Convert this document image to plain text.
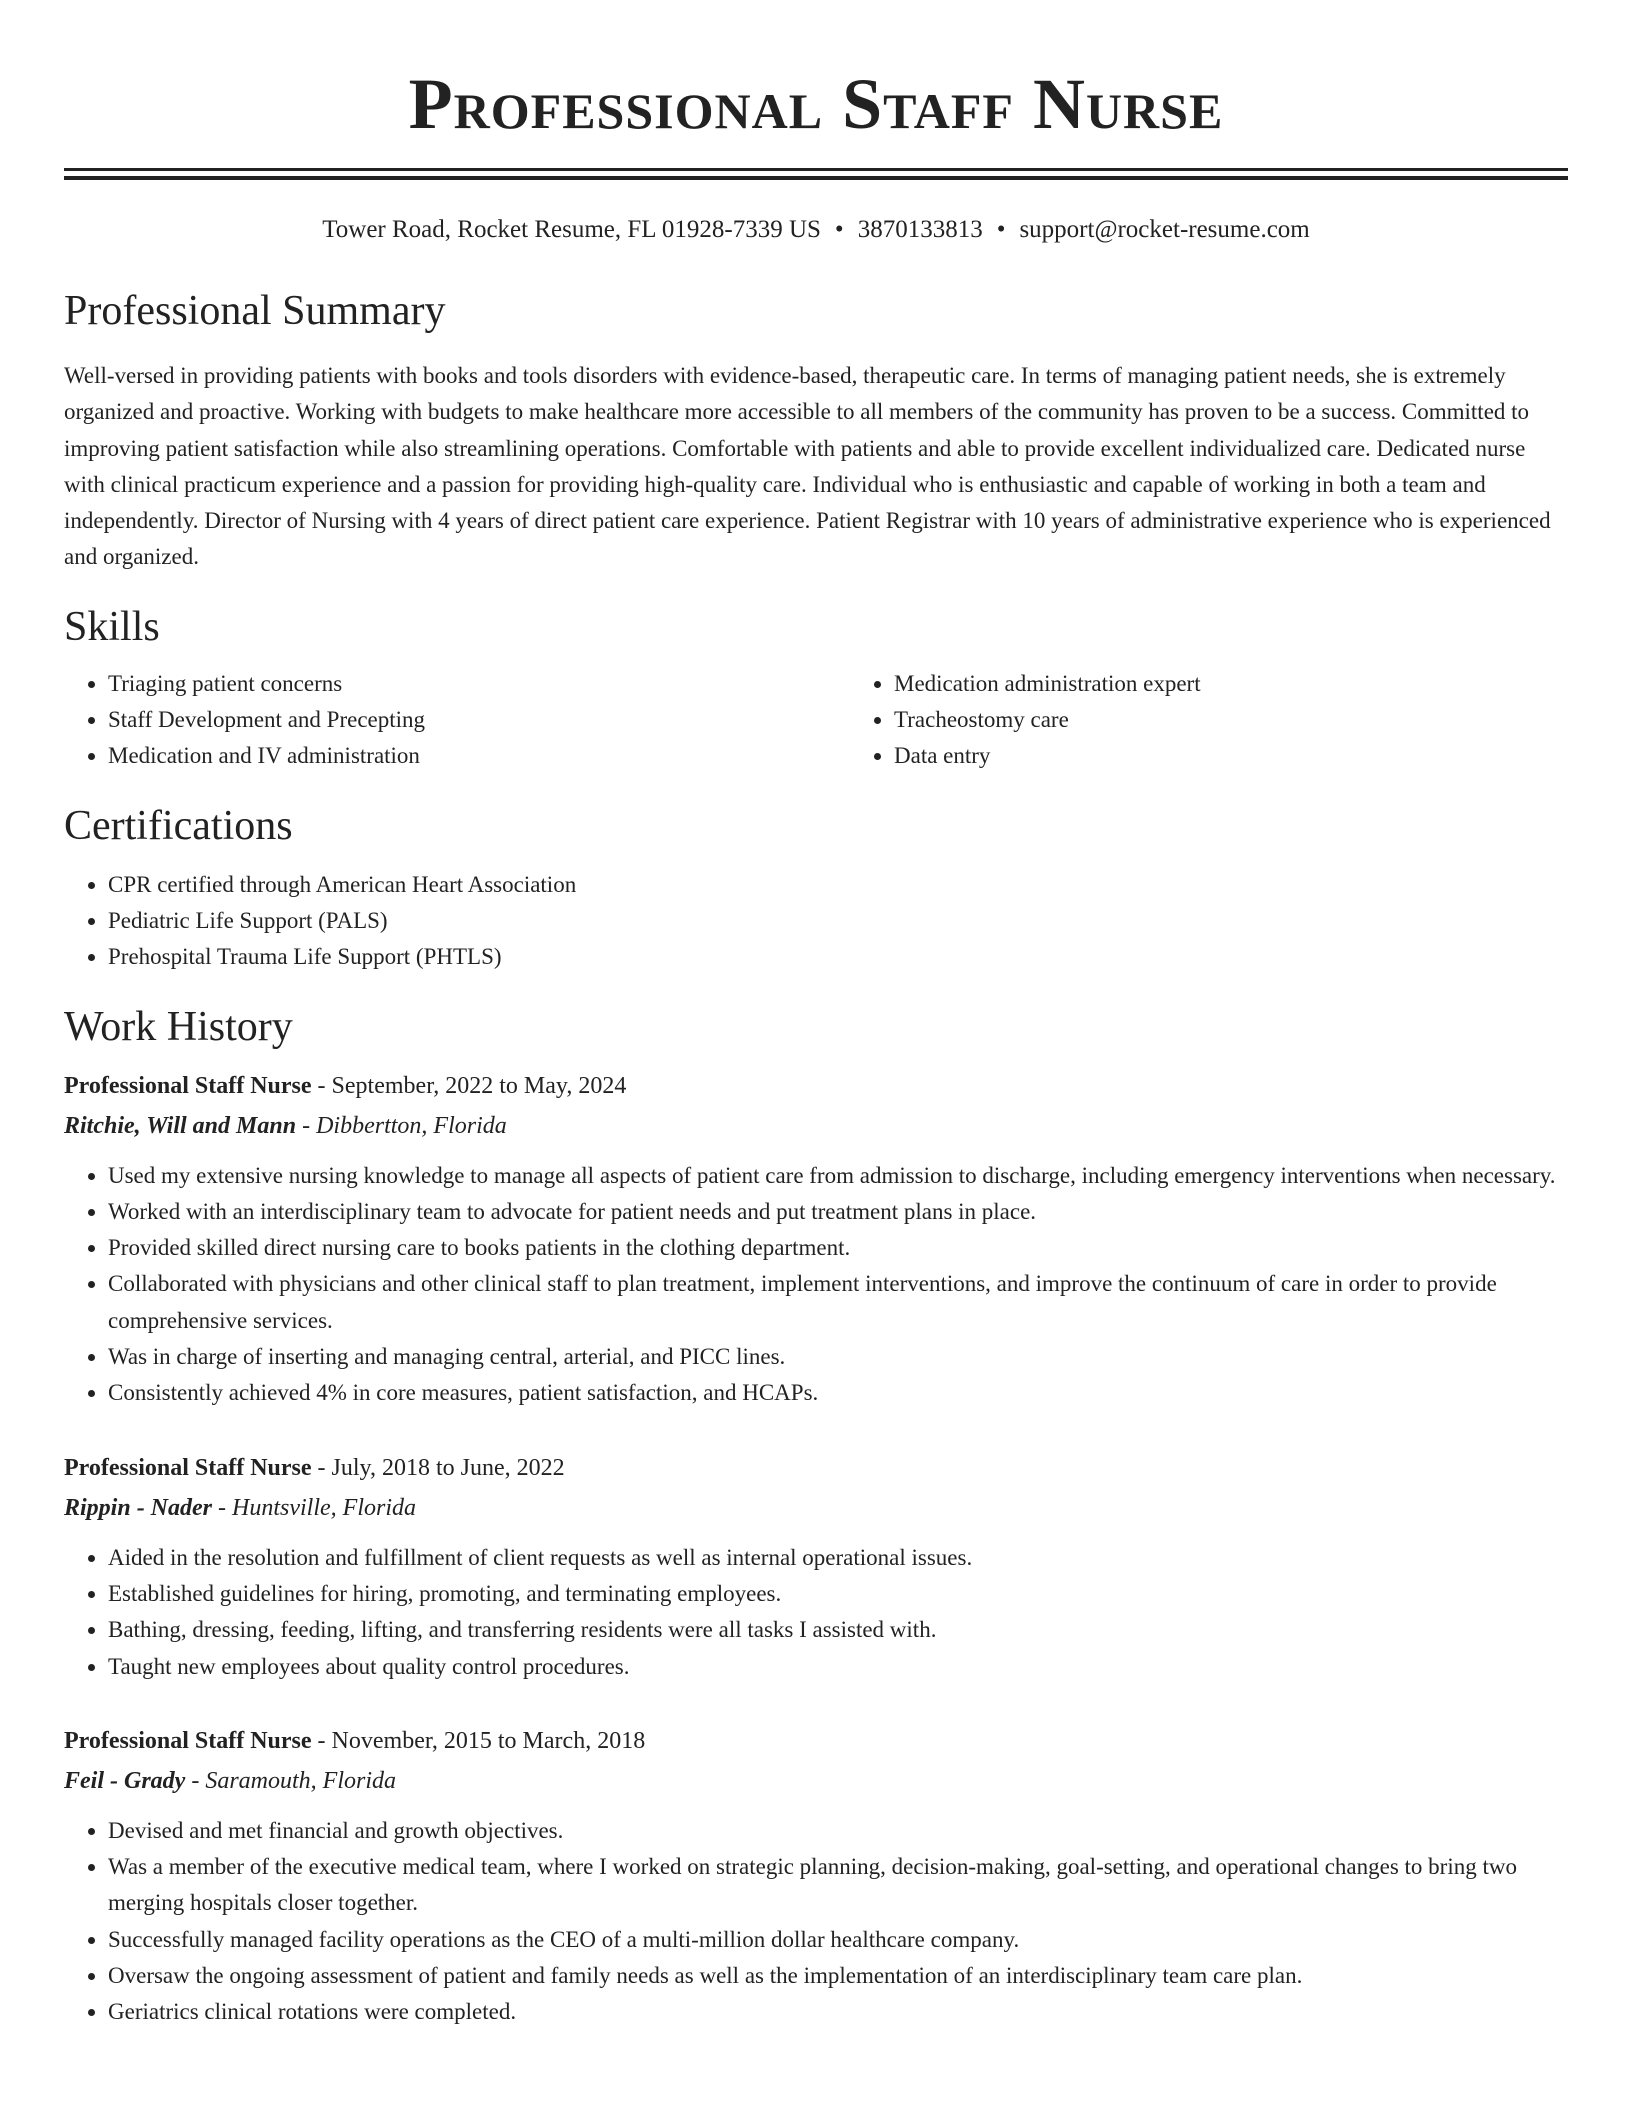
Professional Staff Nurse
Tower Road, Rocket Resume, FL 01928-7339 US • 3870133813 • support@rocket-resume.com
Professional Summary

Well-versed in providing patients with books and tools disorders with evidence-based, therapeutic care. In terms of managing patient needs, she is extremely organized and proactive. Working with budgets to make healthcare more accessible to all members of the community has proven to be a success. Committed to improving patient satisfaction while also streamlining operations. Comfortable with patients and able to provide excellent individualized care. Dedicated nurse with clinical practicum experience and a passion for providing high-quality care. Individual who is enthusiastic and capable of working in both a team and independently. Director of Nursing with 4 years of direct patient care experience. Patient Registrar with 10 years of administrative experience who is experienced and organized.

Skills
• Triaging patient concerns
• Staff Development and Precepting
• Medication and IV administration
• Medication administration expert
• Tracheostomy care
• Data entry
Certifications
• CPR certified through American Heart Association
• Pediatric Life Support (PALS)
• Prehospital Trauma Life Support (PHTLS)
Work History
Professional Staff Nurse - September, 2022 to May, 2024
Ritchie, Will and Mann - Dibbertton, Florida
• Used my extensive nursing knowledge to manage all aspects of patient care from admission to discharge, including emergency interventions when necessary.
• Worked with an interdisciplinary team to advocate for patient needs and put treatment plans in place.
• Provided skilled direct nursing care to books patients in the clothing department.
• Collaborated with physicians and other clinical staff to plan treatment, implement interventions, and improve the continuum of care in order to provide comprehensive services.
• Was in charge of inserting and managing central, arterial, and PICC lines.
• Consistently achieved 4% in core measures, patient satisfaction, and HCAPs.
Professional Staff Nurse - July, 2018 to June, 2022
Rippin - Nader - Huntsville, Florida
• Aided in the resolution and fulfillment of client requests as well as internal operational issues.
• Established guidelines for hiring, promoting, and terminating employees.
• Bathing, dressing, feeding, lifting, and transferring residents were all tasks I assisted with.
• Taught new employees about quality control procedures.
Professional Staff Nurse - November, 2015 to March, 2018
Feil - Grady - Saramouth, Florida
• Devised and met financial and growth objectives.
• Was a member of the executive medical team, where I worked on strategic planning, decision-making, goal-setting, and operational changes to bring two merging hospitals closer together.
• Successfully managed facility operations as the CEO of a multi-million dollar healthcare company.
• Oversaw the ongoing assessment of patient and family needs as well as the implementation of an interdisciplinary team care plan.
• Geriatrics clinical rotations were completed.
